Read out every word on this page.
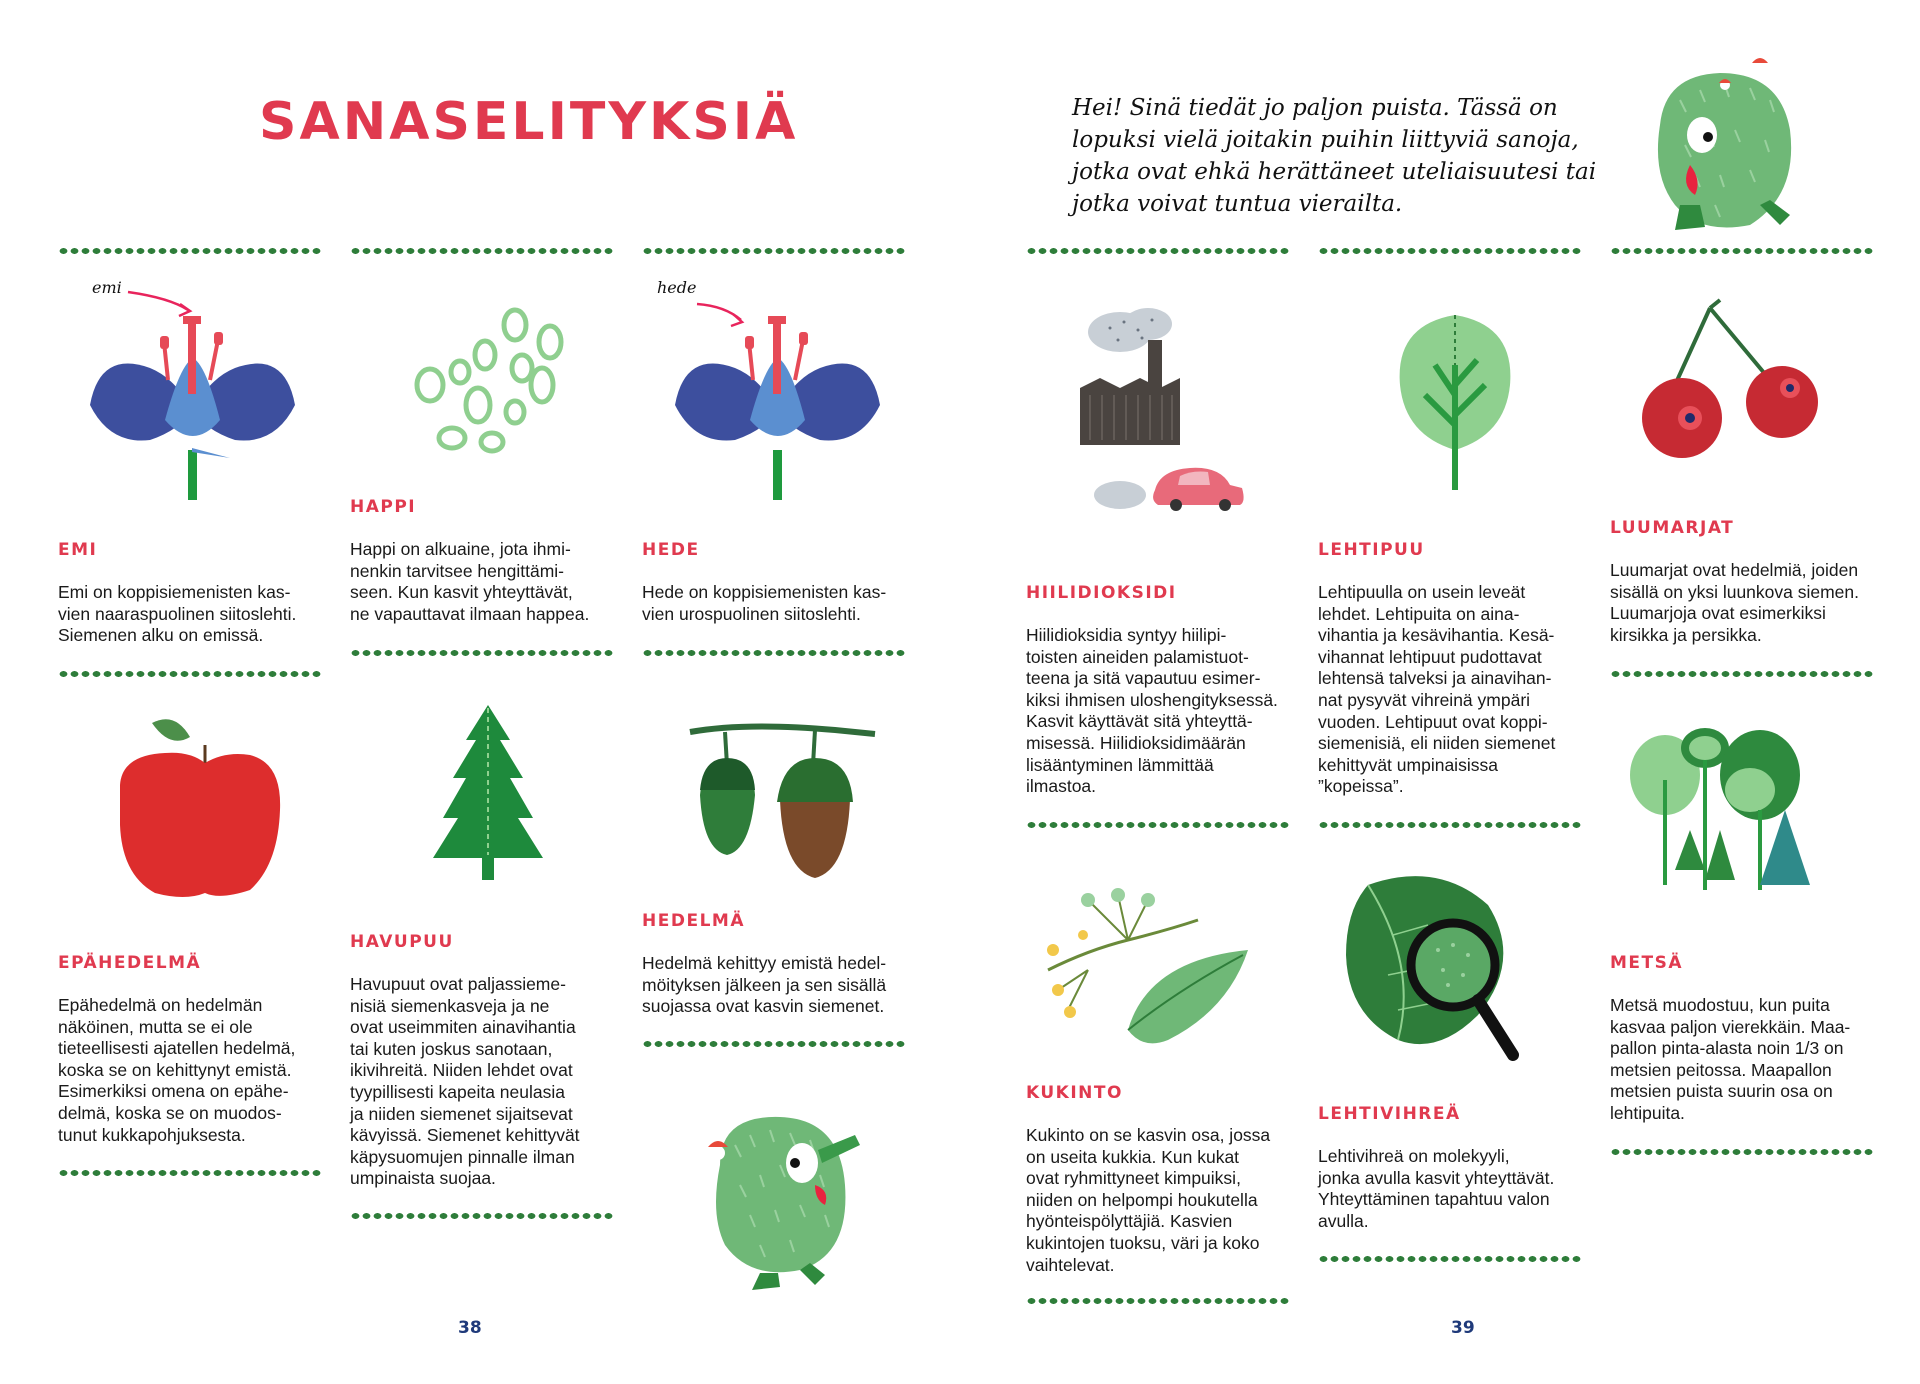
SANASELITYKSIÄ
emi	hede
EMI

Emi on koppisiemenisten kas-
vien naaraspuolinen siitoslehti.
Siemenen alku on emissä.

HAPPI

Happi on alkuaine, jota ihmi-
nenkin tarvitsee hengittämi-
seen. Kun kasvit yhteyttävät,
ne vapauttavat ilmaan happea.

HEDE

Hede on koppisiemenisten kas-
vien urospuolinen siitoslehti.

EPÄHEDELMÄ

Epähedelmä on hedelmän
näköinen, mutta se ei ole
tieteellisesti ajatellen hedelmä,
koska se on kehittynyt emistä.
Esimerkiksi omena on epähe-
delmä, koska se on muodos-
tunut kukkapohjuksesta.

HAVUPUU

Havupuut ovat paljassieme-
nisiä siemenkasveja ja ne
ovat useimmiten ainavihantia
tai kuten joskus sanotaan,
ikivihreitä. Niiden lehdet ovat
tyypillisesti kapeita neulasia
ja niiden siemenet sijaitsevat
kävyissä. Siemenet kehittyvät
käpysuomujen pinnalle ilman
umpinaista suojaa.

HEDELMÄ

Hedelmä kehittyy emistä hedel-
möityksen jälkeen ja sen sisällä
suojassa ovat kasvin siemenet.

38

Hei! Sinä tiedät jo paljon puista. Tässä on
lopuksi vielä joitakin puihin liittyviä sanoja,
jotka ovat ehkä herättäneet uteliaisuutesi tai
jotka voivat tuntua vierailta.

HIILIDIOKSIDI

Hiilidioksidia syntyy hiilipi-
toisten aineiden palamistuot-
teena ja sitä vapautuu esimer-
kiksi ihmisen uloshengityksessä.
Kasvit käyttävät sitä yhteyttä-
misessä. Hiilidioksidimäärän
lisääntyminen lämmittää
ilmastoa.

LEHTIPUU

Lehtipuulla on usein leveät
lehdet. Lehtipuita on aina-
vihantia ja kesävihantia. Kesä-
vihannat lehtipuut pudottavat
lehtensä talveksi ja ainavihan-
nat pysyvät vihreinä ympäri
vuoden. Lehtipuut ovat koppi-
siemenisiä, eli niiden siemenet
kehittyvät umpinaisissa
”kopeissa”.

LUUMARJAT

Luumarjat ovat hedelmiä, joiden
sisällä on yksi luunkova siemen.
Luumarjoja ovat esimerkiksi
kirsikka ja persikka.

KUKINTO

Kukinto on se kasvin osa, jossa
on useita kukkia. Kun kukat
ovat ryhmittyneet kimpuiksi,
niiden on helpompi houkutella
hyönteispölyttäjiä. Kasvien
kukintojen tuoksu, väri ja koko
vaihtelevat.

LEHTIVIHREÄ

Lehtivihreä on molekyyli,
jonka avulla kasvit yhteyttävät.
Yhteyttäminen tapahtuu valon
avulla.

METSÄ

Metsä muodostuu, kun puita
kasvaa paljon vierekkäin. Maa-
pallon pinta-alasta noin 1/3 on
metsien peitossa. Maapallon
metsien puista suurin osa on
lehtipuita.

39
